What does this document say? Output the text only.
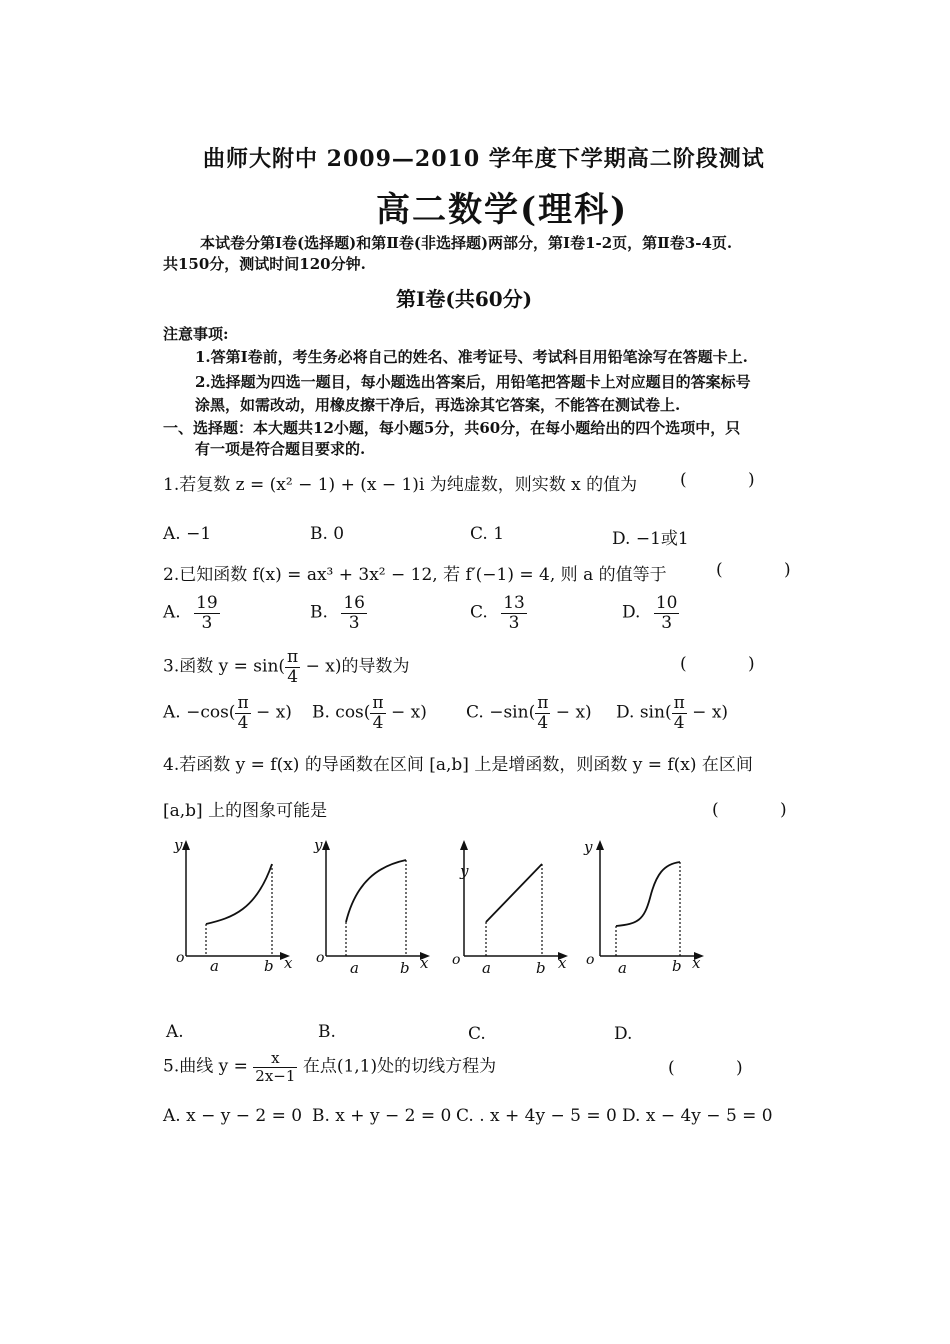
曲师大附中 2009—2010 学年度下学期高二阶段测试
高二数学(理科)
本试卷分第Ⅰ卷(选择题)和第Ⅱ卷(非选择题)两部分，第Ⅰ卷1-2页，第Ⅱ卷3-4页.
共150分，测试时间120分钟.
第Ⅰ卷(共60分)
注意事项:
1.答第Ⅰ卷前，考生务必将自己的姓名、准考证号、考试科目用铅笔涂写在答题卡上.
2.选择题为四选一题目，每小题选出答案后，用铅笔把答题卡上对应题目的答案标号
涂黑，如需改动，用橡皮擦干净后，再选涂其它答案，不能答在测试卷上.
一、选择题：本大题共12小题，每小题5分，共60分，在每小题给出的四个选项中，只
有一项是符合题目要求的.
1.若复数 z = (x² − 1) + (x − 1)i 为纯虚数，则实数 x 的值为	( )
A. −1	B. 0	C. 1	D. −1或1
2.已知函数 f(x) = ax³ + 3x² − 12, 若 f′(−1) = 4, 则 a 的值等于	( )
A. $\frac{19}{3}$	B. $\frac{16}{3}$	C. $\frac{13}{3}$	D. $\frac{10}{3}$
3.函数 $y = \sin( \frac{\pi}{4} - x)$的导数为	( )
A. $-\cos( \frac{\pi}{4} - x)$ B. $\cos( \frac{\pi}{4} - x)$ C. $-\sin( \frac{\pi}{4} - x)$ D. $\sin( \frac{\pi}{4} - x)$
4.若函数 y = f(x) 的导函数在区间 [a,b] 上是增函数，则函数 y = f(x) 在区间
[a,b] 上的图象可能是	( )
y
o a	b x
A.
y
o
a	b x
B.
y
o a	b x
C.
y
o a	b x
D.
5.曲线 $y = \frac{x}{2x-1}$ 在点(1,1)处的切线方程为	( )
A. x − y − 2 = 0 B. x + y − 2 = 0 C. . x + 4y − 5 = 0 D. x − 4y − 5 = 0
